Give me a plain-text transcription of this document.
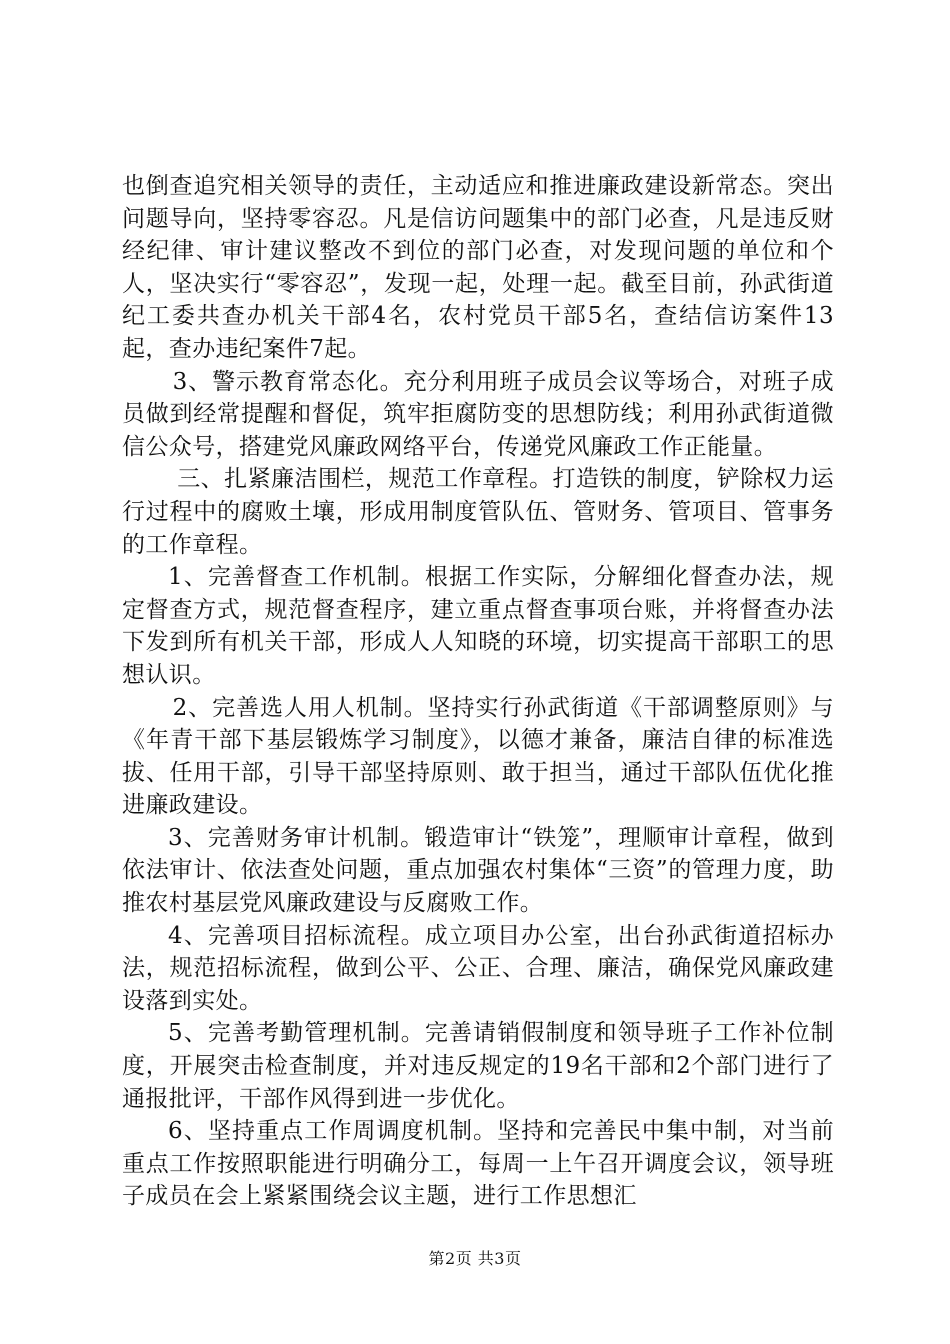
也倒查追究相关领导的责任，主动适应和推进廉政建设新常态。突出问题导向，坚持零容忍。凡是信访问题集中的部门必查，凡是违反财经纪律、审计建议整改不到位的部门必查，对发现问题的单位和个人，坚决实行“零容忍”，发现一起，处理一起。截至目前，孙武街道纪工委共查办机关干部4名，农村党员干部5名，查结信访案件13起，查办违纪案件7起。

3、警示教育常态化。充分利用班子成员会议等场合，对班子成员做到经常提醒和督促，筑牢拒腐防变的思想防线；利用孙武街道微信公众号，搭建党风廉政网络平台，传递党风廉政工作正能量。

三、扎紧廉洁围栏，规范工作章程。打造铁的制度，铲除权力运行过程中的腐败土壤，形成用制度管队伍、管财务、管项目、管事务的工作章程。

1、完善督查工作机制。根据工作实际，分解细化督查办法，规定督查方式，规范督查程序，建立重点督查事项台账，并将督查办法下发到所有机关干部，形成人人知晓的环境，切实提高干部职工的思想认识。

2、完善选人用人机制。坚持实行孙武街道《干部调整原则》与《年青干部下基层锻炼学习制度》，以德才兼备，廉洁自律的标准选拔、任用干部，引导干部坚持原则、敢于担当，通过干部队伍优化推进廉政建设。

3、完善财务审计机制。锻造审计“铁笼”，理顺审计章程，做到依法审计、依法查处问题，重点加强农村集体“三资”的管理力度，助推农村基层党风廉政建设与反腐败工作。

4、完善项目招标流程。成立项目办公室，出台孙武街道招标办法，规范招标流程，做到公平、公正、合理、廉洁，确保党风廉政建设落到实处。

5、完善考勤管理机制。完善请销假制度和领导班子工作补位制度，开展突击检查制度，并对违反规定的19名干部和2个部门进行了通报批评，干部作风得到进一步优化。

6、坚持重点工作周调度机制。坚持和完善民中集中制，对当前重点工作按照职能进行明确分工，每周一上午召开调度会议，领导班子成员在会上紧紧围绕会议主题，进行工作思想汇

第2页 共3页
